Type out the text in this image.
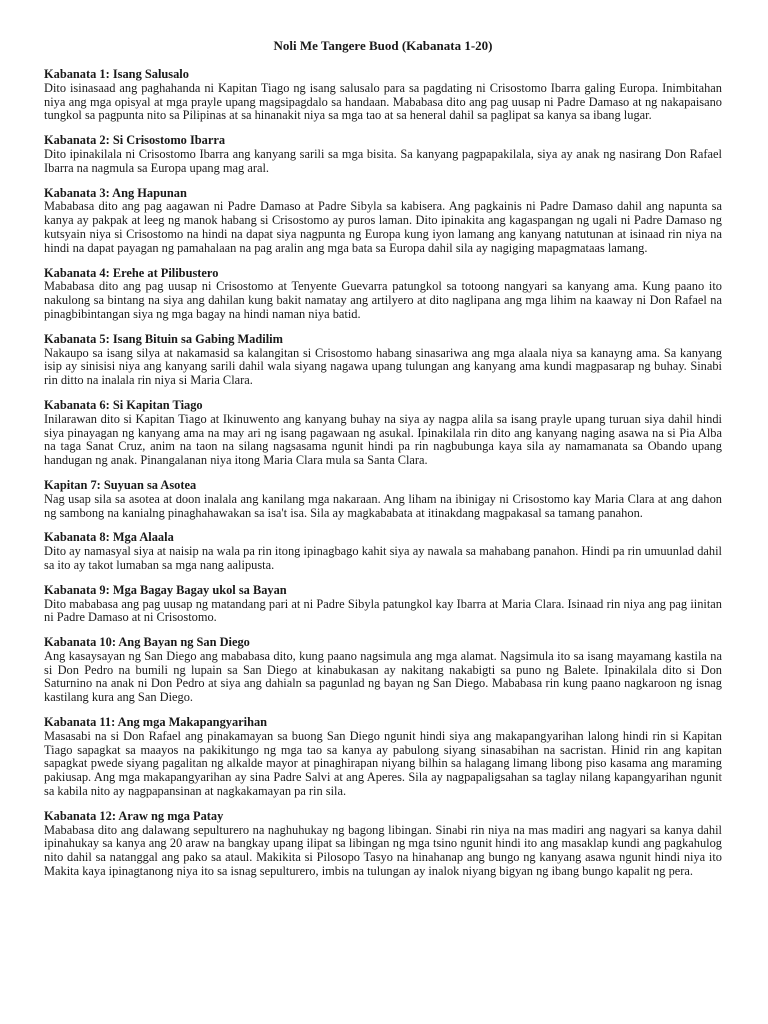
Noli Me Tangere Buod (Kabanata 1-20)
Kabanata 1: Isang Salusalo
Dito isinasaad ang paghahanda ni Kapitan Tiago ng isang salusalo para sa pagdating ni Crisostomo Ibarra galing Europa. Inimbitahan niya ang mga opisyal at mga prayle upang magsipagdalo sa handaan. Mababasa dito ang pag uusap ni Padre Damaso at ng nakapaisano tungkol sa pagpunta nito sa Pilipinas at sa hinanakit niya sa mga tao at sa heneral dahil sa paglipat sa kanya sa ibang lugar.
Kabanata 2: Si Crisostomo Ibarra
Dito ipinakilala ni Crisostomo Ibarra ang kanyang sarili sa mga bisita. Sa kanyang pagpapakilala, siya ay anak ng nasirang Don Rafael Ibarra na nagmula sa Europa upang mag aral.
Kabanata 3: Ang Hapunan
Mababasa dito ang pag aagawan ni Padre Damaso at Padre Sibyla sa kabisera. Ang pagkainis ni Padre Damaso dahil ang napunta sa kanya ay pakpak at leeg ng manok habang si Crisostomo ay puros laman. Dito ipinakita ang kagaspangan ng ugali ni Padre Damaso ng kutsyain niya si Crisostomo na hindi na dapat siya nagpunta ng Europa kung iyon lamang ang kanyang natutunan at isinaad rin niya na hindi na dapat payagan ng pamahalaan na pag aralin ang mga bata sa Europa dahil sila ay nagiging mapagmataas lamang.
Kabanata 4: Erehe at Pilibustero
Mababasa dito ang pag uusap ni Crisostomo at Tenyente Guevarra patungkol sa totoong nangyari sa kanyang ama. Kung paano ito nakulong sa bintang na siya ang dahilan kung bakit namatay ang artilyero at dito naglipana ang mga lihim na kaaway ni Don Rafael na pinagbibintangan siya ng mga bagay na hindi naman niya batid.
Kabanata 5: Isang Bituin sa Gabing Madilim
Nakaupo sa isang silya at nakamasid sa kalangitan si Crisostomo habang sinasariwa ang mga alaala niya sa kanayng ama. Sa kanyang isip ay sinisisi niya ang kanyang sarili dahil wala siyang nagawa upang tulungan ang kanyang ama kundi magpasarap ng buhay. Sinabi rin ditto na inalala rin niya si Maria Clara.
Kabanata 6: Si Kapitan Tiago
Inilarawan dito si Kapitan Tiago at Ikinuwento ang kanyang buhay na siya ay nagpa alila sa isang prayle upang turuan siya dahil hindi siya pinayagan ng kanyang ama na may ari ng isang pagawaan ng asukal. Ipinakilala rin dito ang kanyang naging asawa na si Pia Alba na taga Sanat Cruz, anim na taon na silang nagsasama ngunit hindi pa rin nagbubunga kaya sila ay namamanata sa Obando upang handugan ng anak. Pinangalanan niya itong Maria Clara mula sa Santa Clara.
Kapitan 7: Suyuan sa Asotea
Nag usap sila sa asotea at doon inalala ang kanilang mga nakaraan. Ang liham na ibinigay ni Crisostomo kay Maria Clara at ang dahon ng sambong na kanialng pinaghahawakan sa isa't isa. Sila ay magkababata at itinakdang magpakasal sa tamang panahon.
Kabanata 8: Mga Alaala
Dito ay namasyal siya at naisip na wala pa rin itong ipinagbago kahit siya ay nawala sa mahabang panahon. Hindi pa rin umuunlad dahil sa ito ay takot lumaban sa mga nang aalipusta.
Kabanata 9: Mga Bagay Bagay ukol sa Bayan
Dito mababasa ang pag uusap ng matandang pari at ni Padre Sibyla patungkol kay Ibarra at Maria Clara. Isinaad rin niya ang pag iinitan ni Padre Damaso at ni Crisostomo.
Kabanata 10: Ang Bayan ng San Diego
Ang kasaysayan ng San Diego ang mababasa dito, kung paano nagsimula ang mga alamat. Nagsimula ito sa isang mayamang kastila na si Don Pedro na bumili ng lupain sa San Diego at kinabukasan ay nakitang nakabigti sa puno ng Balete. Ipinakilala dito si Don Saturnino na anak ni Don Pedro at siya ang dahialn sa pagunlad ng bayan ng San Diego. Mababasa rin kung paano nagkaroon ng isnag kastilang kura ang San Diego.
Kabanata 11: Ang mga Makapangyarihan
Masasabi na si Don Rafael ang pinakamayan sa buong San Diego ngunit hindi siya ang makapangyarihan lalong hindi rin si Kapitan Tiago sapagkat sa maayos na pakikitungo ng mga tao sa kanya ay pabulong siyang sinasabihan na sacristan. Hinid rin ang kapitan sapagkat pwede siyang pagalitan ng alkalde mayor at pinaghirapan niyang bilhin sa halagang limang libong piso kasama ang maraming pakiusap. Ang mga makapangyarihan ay sina Padre Salvi at ang Aperes. Sila ay nagpapaligsahan sa taglay nilang kapangyarihan ngunit sa kabila nito ay nagpapansinan at nagkakamayan pa rin sila.
Kabanata 12: Araw ng mga Patay
Mababasa dito ang dalawang sepulturero na naghuhukay ng bagong libingan. Sinabi rin niya na mas madiri ang nagyari sa kanya dahil ipinahukay sa kanya ang 20 araw na bangkay upang ilipat sa libingan ng mga tsino ngunit hindi ito ang masaklap kundi ang pagkahulog nito dahil sa natanggal ang pako sa ataul. Makikita si Pilosopo Tasyo na hinahanap ang bungo ng kanyang asawa ngunit hindi niya ito Makita kaya ipinagtanong niya ito sa isnag sepulturero, imbis na tulungan ay inalok niyang bigyan ng ibang bungo kapalit ng pera.
